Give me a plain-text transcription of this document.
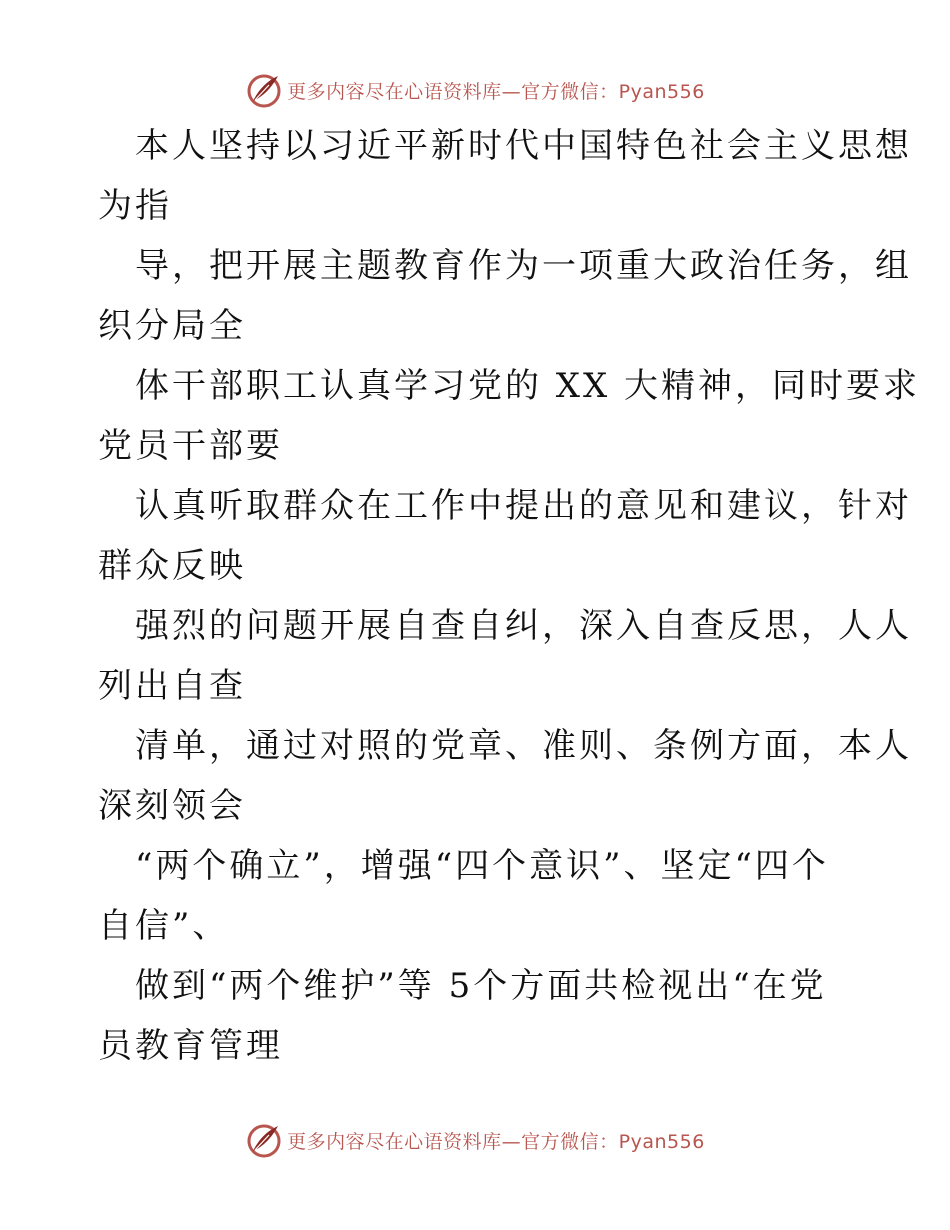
更多内容尽在心语资料库—官方微信：Pyan556

本人坚持以习近平新时代中国特色社会主义思想
为指

导，把开展主题教育作为一项重大政治任务，组
织分局全

体干部职工认真学习党的 XX 大精神，同时要求
党员干部要

认真听取群众在工作中提出的意见和建议，针对
群众反映

强烈的问题开展自查自纠，深入自查反思，人人
列出自查

清单，通过对照的党章、准则、条例方面，本人
深刻领会

“两个确立”，增强“四个意识”、坚定“四个
自信”、

做到“两个维护”等 5个方面共检视出“在党
员教育管理

更多内容尽在心语资料库—官方微信：Pyan556
